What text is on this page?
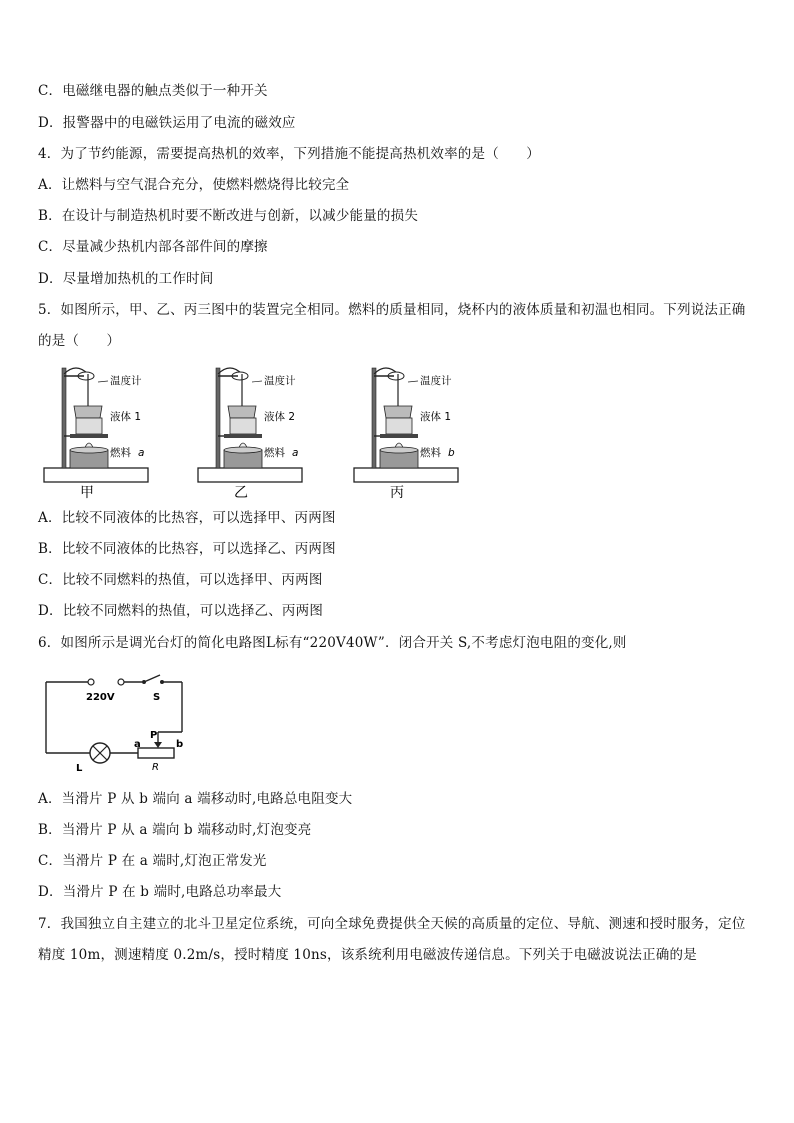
C．电磁继电器的触点类似于一种开关
D．报警器中的电磁铁运用了电流的磁效应
4．为了节约能源，需要提高热机的效率，下列措施不能提高热机效率的是（　　）
A．让燃料与空气混合充分，使燃料燃烧得比较完全
B．在设计与制造热机时要不断改进与创新，以减少能量的损失
C．尽量减少热机内部各部件间的摩擦
D．尽量增加热机的工作时间
5．如图所示，甲、乙、丙三图中的装置完全相同。燃料的质量相同，烧杯内的液体质量和初温也相同。下列说法正确
的是（　　）
温度计
液体 1
燃料 a
甲
温度计
液体 2
燃料 a
乙
温度计
液体 1
燃料 b
丙
A．比较不同液体的比热容，可以选择甲、丙两图
B．比较不同液体的比热容，可以选择乙、丙两图
C．比较不同燃料的热值，可以选择甲、丙两图
D．比较不同燃料的热值，可以选择乙、丙两图
6．如图所示是调光台灯的简化电路图L标有“220V40W”．闭合开关 S,不考虑灯泡电阻的变化,则
220V	S
L	R
P
a	b
A．当滑片 P 从 b 端向 a 端移动时,电路总电阻变大
B．当滑片 P 从 a 端向 b 端移动时,灯泡变亮
C．当滑片 P 在 a 端时,灯泡正常发光
D．当滑片 P 在 b 端时,电路总功率最大
7．我国独立自主建立的北斗卫星定位系统，可向全球免费提供全天候的高质量的定位、导航、测速和授时服务，定位
精度 10m，测速精度 0.2m/s，授时精度 10ns，该系统利用电磁波传递信息。下列关于电磁波说法正确的是
